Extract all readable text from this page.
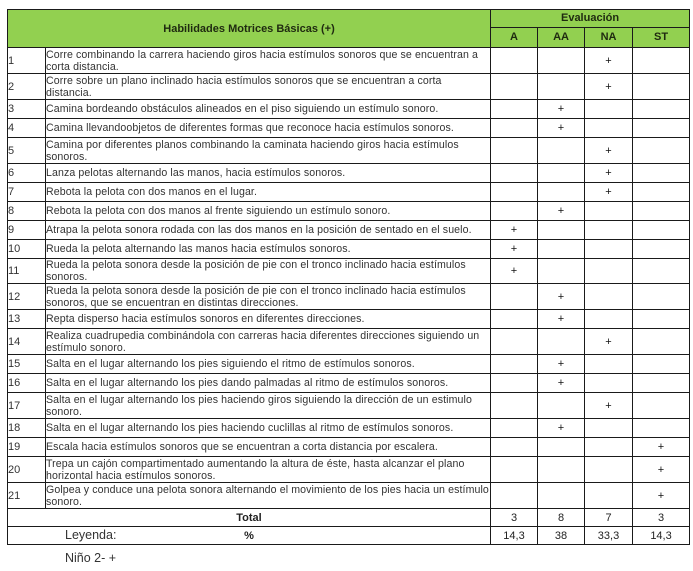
Habilidades Motrices Básicas (+)		Evaluación			
		A	AA	NA	ST
1	Corre combinando la carrera haciendo giros hacia estímulos sonoros que se encuentran a corta distancia.			+	
2	Corre sobre un plano inclinado hacia estímulos sonoros que se encuentran a corta distancia.			+	
3	Camina bordeando obstáculos alineados en el piso siguiendo un estímulo sonoro.		+		
4	Camina llevandoobjetos de diferentes formas que reconoce hacia estímulos sonoros.		+		
5	Camina por diferentes planos combinando la caminata haciendo giros hacia estímulos sonoros.			+	
6	Lanza pelotas alternando las manos, hacia estímulos sonoros.			+	
7	Rebota la pelota con dos manos en el lugar.			+	
8	Rebota la pelota con dos manos al frente siguiendo un estímulo sonoro.		+		
9	Atrapa la pelota sonora rodada con las dos manos en la posición de sentado en el suelo.	+			
10	Rueda la pelota alternando las manos hacia estímulos sonoros.	+			
11	Rueda la pelota sonora desde la posición de pie con el tronco inclinado hacia estímulos sonoros.	+			
12	Rueda la pelota sonora desde la posición de pie con el tronco inclinado hacia estímulos sonoros, que se encuentran en distintas direcciones.		+		
13	Repta disperso hacia estímulos sonoros en diferentes direcciones.		+		
14	Realiza cuadrupedia combinándola con carreras hacia diferentes direcciones siguiendo un estímulo sonoro.			+	
15	Salta en el lugar alternando los pies siguiendo el ritmo de estímulos sonoros.		+		
16	Salta en el lugar alternando los pies dando palmadas al ritmo de estímulos sonoros.		+		
17	Salta en el lugar alternando los pies haciendo giros siguiendo la dirección de un estimulo sonoro.			+	
18	Salta en el lugar alternando los pies haciendo cuclillas al ritmo de estímulos sonoros.		+		
19	Escala hacia estímulos sonoros que se encuentran a corta distancia por escalera.				+
20	Trepa un cajón compartimentado aumentando la altura de éste, hasta alcanzar el plano horizontal hacia estímulos sonoros.				+
21	Golpea y conduce una pelota sonora alternando el movimiento de los pies hacia un estímulo sonoro.				+
Total		3	8	7	3
%		14,3	38	33,3	14,3
Leyenda:
Niño 2- +
